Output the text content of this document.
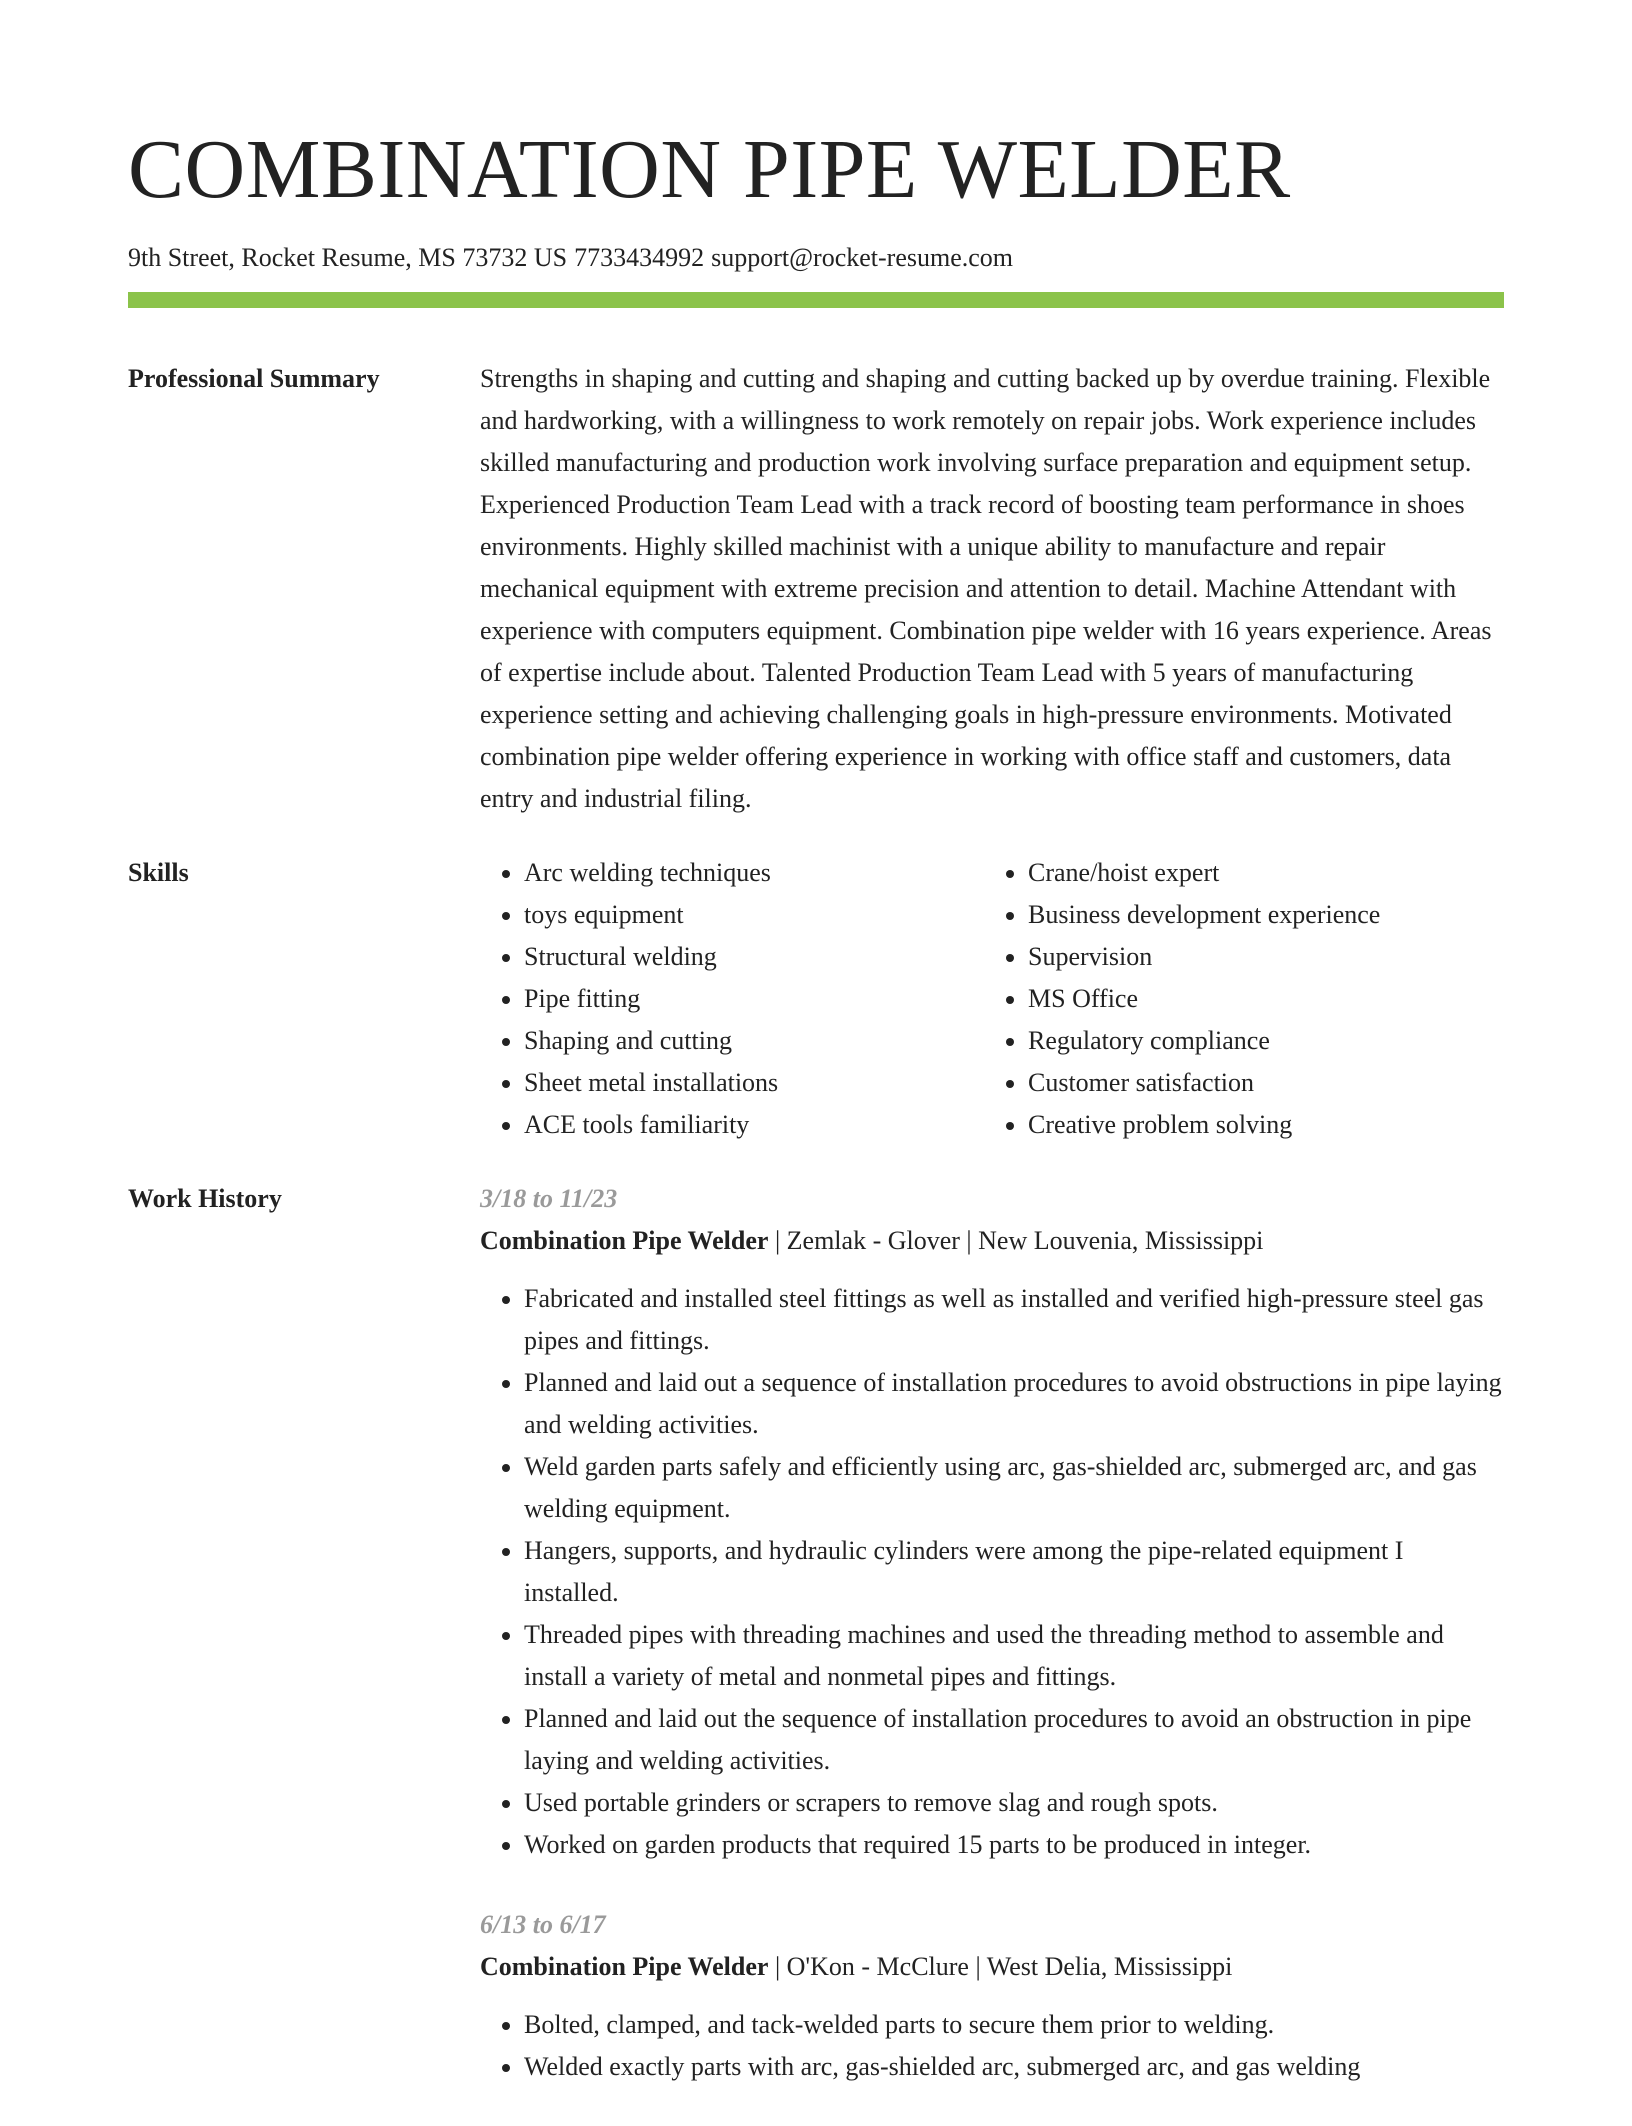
COMBINATION PIPE WELDER
9th Street, Rocket Resume, MS 73732 US 7733434992 support@rocket-resume.com
Professional Summary	Strengths in shaping and cutting and shaping and cutting backed up by overdue training. Flexible and hardworking, with a willingness to work remotely on repair jobs. Work experience includes skilled manufacturing and production work involving surface preparation and equipment setup. Experienced Production Team Lead with a track record of boosting team performance in shoes environments. Highly skilled machinist with a unique ability to manufacture and repair mechanical equipment with extreme precision and attention to detail. Machine Attendant with experience with computers equipment. Combination pipe welder with 16 years experience. Areas of expertise include about. Talented Production Team Lead with 5 years of manufacturing experience setting and achieving challenging goals in high-pressure environments. Motivated combination pipe welder offering experience in working with office staff and customers, data entry and industrial filing.

Skills
•	Arc welding techniques
• toys equipment
• Structural welding
• Pipe fitting
• Shaping and cutting
• Sheet metal installations
• ACE tools familiarity
• Crane/hoist expert
• Business development experience
• Supervision
• MS Office
• Regulatory compliance
• Customer satisfaction
• Creative problem solving
Work History	3/18 to 11/23
Combination Pipe Welder | Zemlak - Glover | New Louvenia, Mississippi
• Fabricated and installed steel fittings as well as installed and verified high-pressure steel gas pipes and fittings.
• Planned and laid out a sequence of installation procedures to avoid obstructions in pipe laying and welding activities.
• Weld garden parts safely and efficiently using arc, gas-shielded arc, submerged arc, and gas welding equipment.
• Hangers, supports, and hydraulic cylinders were among the pipe-related equipment I installed.
• Threaded pipes with threading machines and used the threading method to assemble and install a variety of metal and nonmetal pipes and fittings.
• Planned and laid out the sequence of installation procedures to avoid an obstruction in pipe laying and welding activities.
• Used portable grinders or scrapers to remove slag and rough spots.
• Worked on garden products that required 15 parts to be produced in integer.
6/13 to 6/17
Combination Pipe Welder | O'Kon - McClure | West Delia, Mississippi
• Bolted, clamped, and tack-welded parts to secure them prior to welding.
• Welded exactly parts with arc, gas-shielded arc, submerged arc, and gas welding
